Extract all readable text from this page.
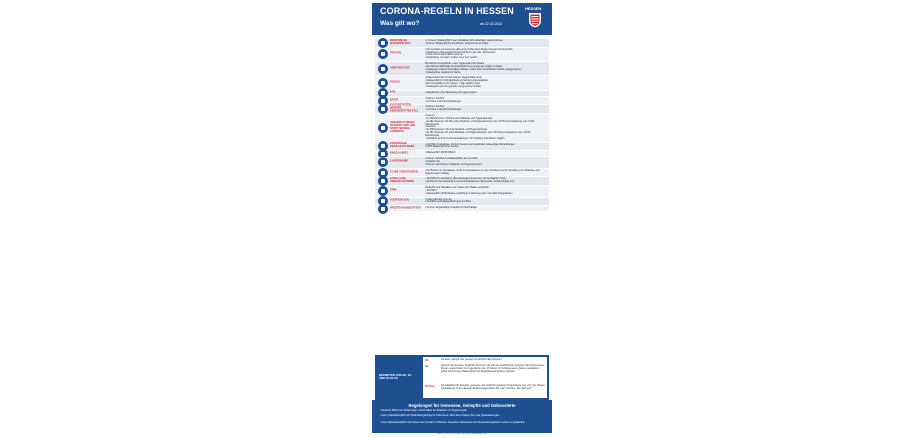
CORONA-REGELN IN HESSEN
Was gilt wo?	ab 22.02.2022
HESSEN
MEDIZINISCHE MASKENPFLICHT
• Im Freien: Maskenpflicht, wenn Abstände nicht eingehalten werden können
• Drinnen: Maskenpflicht (Ausnahmen: Gastronomie am Platz)
TREFFEN
• Für Geimpfte und Genesene gibt es bei Treffen keine Begrenzung der Personenzahl
• Sobald eine nicht-geimpfte Person teilnimmt, gilt: max. 10 Personen
• Kinder bis 14 Jahre zählen nicht mit
• Empfehlung: vor jedem Treffen einen Test machen
ARBEITSPLÄTZE
Der Betrieb ist verpflichtet, einen Hygieneplan vorzuhalten
• Die Zahl der Mitarbeiter am Arbeitsplatz ist so gering wie möglich zu halten
• Arbeitgeber müssen Homeoffice anbieten, sofern keine betrieblichen Gründe entgegenstehen
• Testangebote zweimal pro Woche
SCHULE
• Präsenzunterricht für alle Klassen. Regelmäßige Tests
• Maskenpflicht im Schulgebäude und auf dem Außengelände
• Bei Coronafällen in der Klasse: 7 Tage tägliche Tests
• Testangebot auch für geimpfte und genesene Schüler
KITA	• Regelbetrieb unter Beachtung der Hygieneregeln
SPORT	• Drinnen: 2G-Plus
• Im Freien: keine Einschränkungen
KULTURSTÄTTEN (MUSEEN, GEDENKSTÄTTEN ETC.)
• Drinnen: 2G-Plus
• Im Freien: keine Einschränkungen
VERANSTALTUNGEN (THEATER, KINO UND SPORT, MESSEN, KONZERTE)
• Drinnen
- bis 250 Personen: 2G-Plus unter Abstands- und Hygienekonzept
- ab 251 Personen: 2G-Plus unter Abstands- und Hygienekonzept; max. 60 Prozent Auslastung; max. 6.000 Teilnehmende
• Draußen
- bis 250 Personen: 2G unter Abstands- und Hygienekonzept
- ab 251 Personen: 2G unter Abstands- und Hygienekonzept; max. 60 Prozent Auslastung; max. 10.000 Teilnehmende
- Stehplätze sind bei Großveranstaltungen nicht zulässig; Ausnahmen möglich
KÖRPERNAHE DIENSTLEISTUNGEN
• 2G-Pflicht. Ausnahmen: 3G bei Friseuren und medizinisch notwendigen Behandlungen
• FFP2-Maskenpflicht für Kunden
EINZELHANDEL	• Maskenpflicht (FFP2-Pflicht)
GASTRONOMIE
• Drinnen: 2G-Plus und Maskenpflicht bis zum Platz
• Draußen: 3G
• Drinnen und Draußen: Abstands- und Hygienekonzept
CLUBS / DISKOTHEKEN	• Der Betrieb von Tanzlokalen, Clubs und Diskotheken ist unter 2G-Plus und unter Einhaltung von Abstands- und Hygieneregeln zulässig
HOTELS UND ÜBERNACHTUNGEN
• 3G-Pflicht für touristische Übernachtungen bei Anreise; 3G bei täglichen Tests
• 2G-Plus für den Aufenthalt in Gemeinschaftsräumen (Speisesäle, Schwimmbäder etc.)
ÖPNV
Zusätzlich sind Fahrgäste zum Tragen einer Maske verpflichtet
• 3G-Pflicht
• Maskenpflicht (FFP2-Maske empfohlen) im Fahrzeug und in den Bahnhofsgebäuden
HOCHSCHULEN	• Präsenzbetrieb unter 3G
• 3G-Pflicht und Maskenpflicht auch am Platz
PROSTITUTIONSSTÄTTEN	• 2G-Plus. Regelmäßige Testpflicht für Beschäftigte
DEFINITION VON 2G, 3G UND 2G-PLUS
2G	Genesen, geimpft oder getestet mit Zutritt für alle Personen.
3G	Geimpft oder genesen. Zusätzlich Personen, die sich aus medizinischen Gründen nicht impfen lassen können, sowie Kinder und Jugendliche unter 18 Jahren mit Schülerausweis. Weitere Ausnahmen (siehe Verordnung). Maskenpflicht und Abstandsregeln bleiben bestehen.
2G-Plus	Grundsätzlich gilt: Geimpfte, genesene und zusätzlich getestete (Testnachweis max. 24 h alt). Weitere Informationen zu den aktuellen Bestimmungen finden Sie unter "2G-Plus - Wer darf rein?"
Regelungen für Genesene, Geimpfte und Geboosterte
• Weiterhin Pflicht zum Maske tragen und Einhalten der Abstands- und Hygieneregeln
• Keine Quarantänepflicht als Haushaltsangehörige für Geboosterte. Mehr dazu erfahren Sie in der Quarantäneregeln
• Keine Quarantänepflicht nach Reisen oder Kontakt zu Infizierten. Ausnahme: Einreisende aus Virusvariantengebieten müssen in Quarantäne
Stand: 22.02.2022 | Quelle: Hessische Landesregierung
